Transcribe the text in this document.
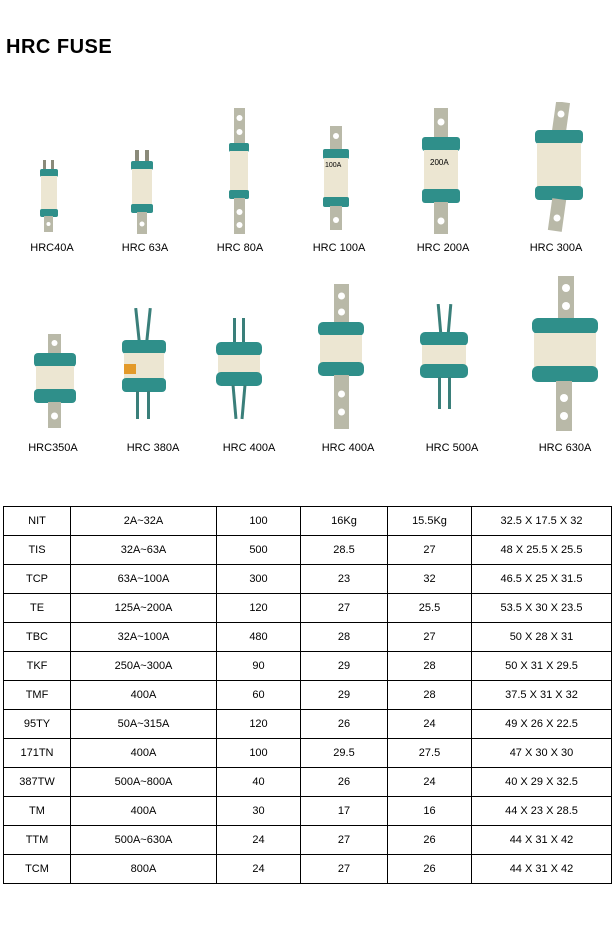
HRC FUSE
HRC40A	HRC 63A	HRC 80A
100A
HRC 100A
200A
HRC 200A	HRC 300A
HRC350A	HRC 380A	HRC 400A	HRC 400A	HRC 500A	HRC 630A
NIT	2A~32A	100	16Kg	15.5Kg	32.5 X 17.5 X 32
TIS	32A~63A	500	28.5	27	48 X 25.5 X 25.5
TCP	63A~100A	300	23	32	46.5 X 25 X 31.5
TE	125A~200A	120	27	25.5	53.5 X 30 X 23.5
TBC	32A~100A	480	28	27	50 X 28 X 31
TKF	250A~300A	90	29	28	50 X 31 X 29.5
TMF	400A	60	29	28	37.5 X 31 X 32
95TY	50A~315A	120	26	24	49 X 26 X 22.5
171TN	400A	100	29.5	27.5	47 X 30 X 30
387TW	500A~800A	40	26	24	40 X 29 X 32.5
TM	400A	30	17	16	44 X 23 X 28.5
TTM	500A~630A	24	27	26	44 X 31 X 42
TCM	800A	24	27	26	44 X 31 X 42
